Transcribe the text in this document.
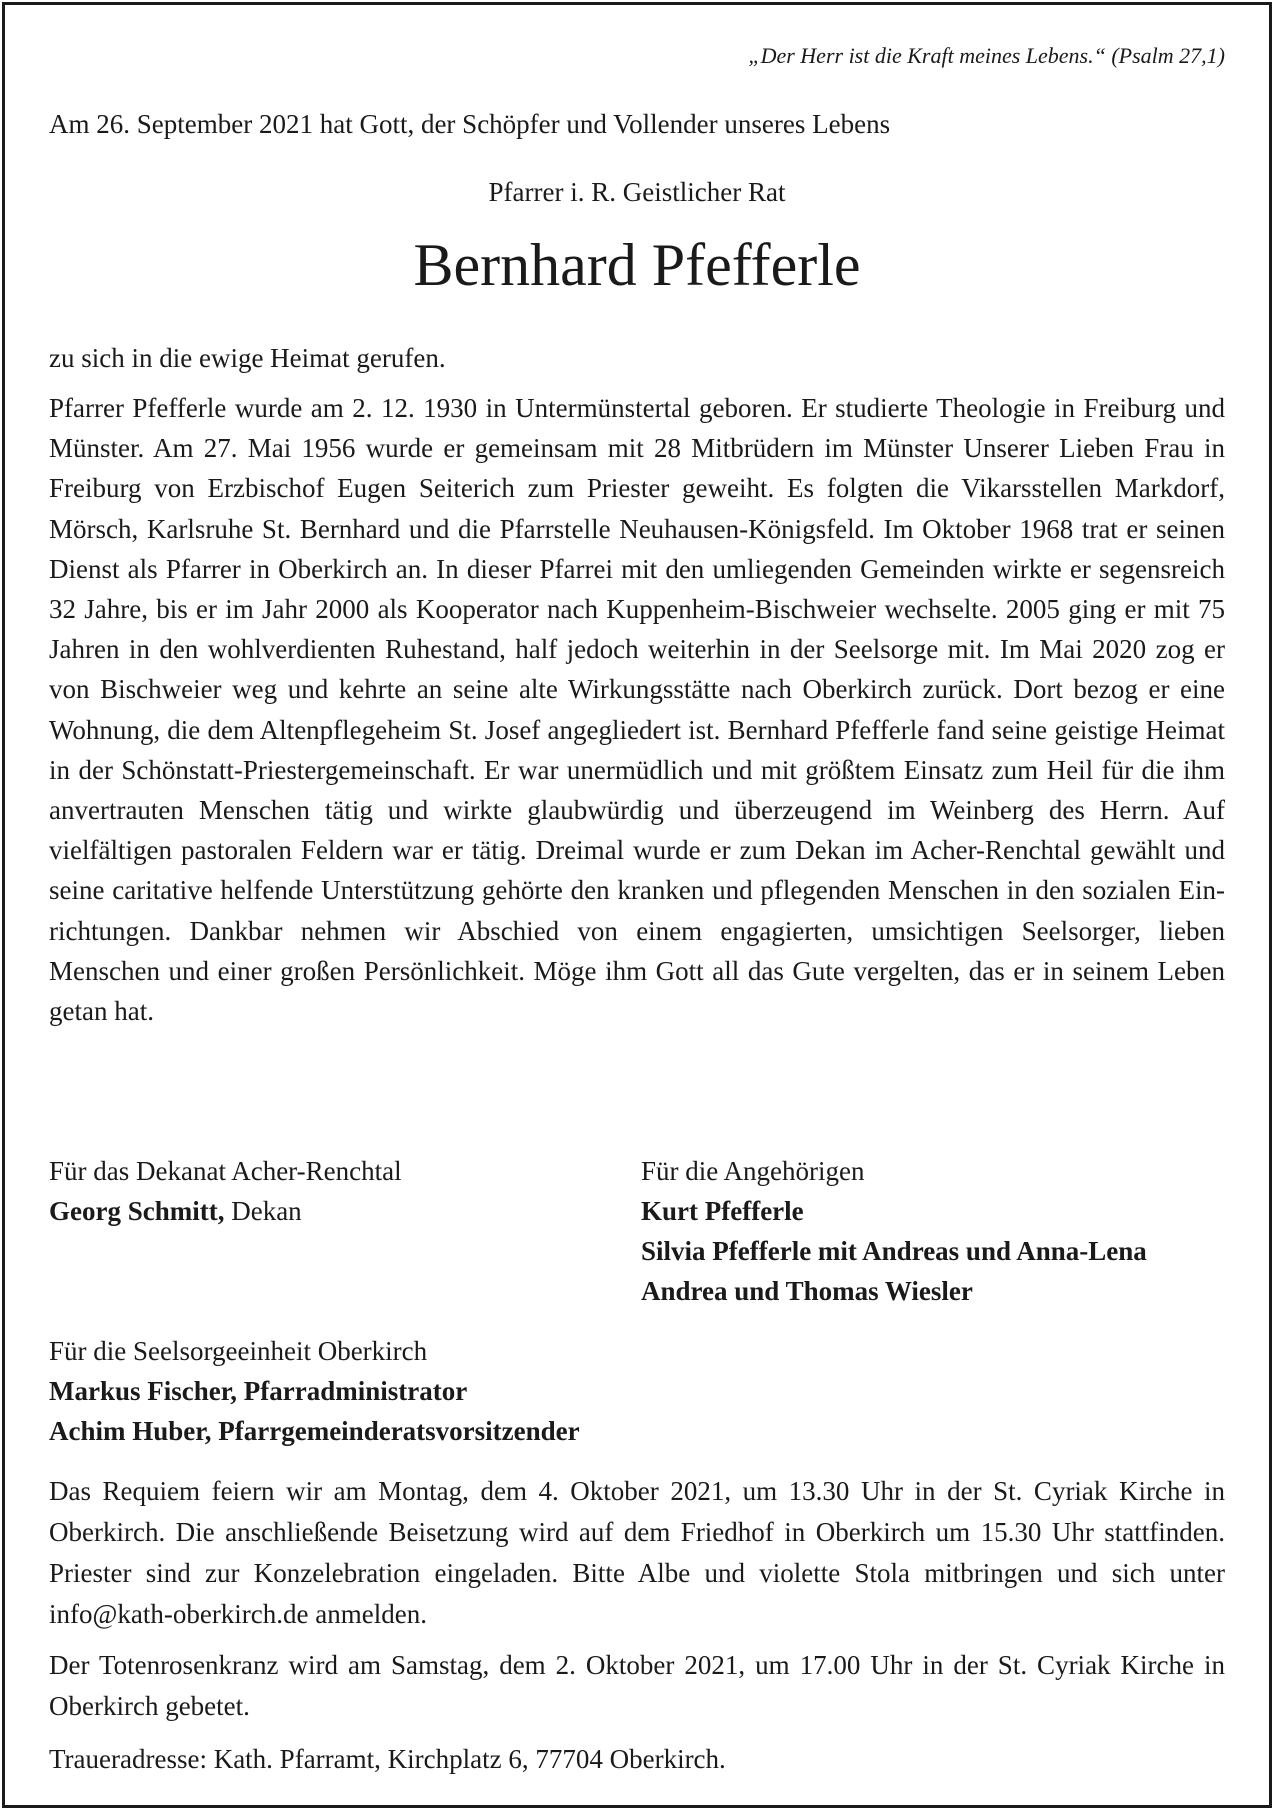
„Der Herr ist die Kraft meines Lebens.“ (Psalm 27,1)
Am 26. September 2021 hat Gott, der Schöpfer und Vollender unseres Lebens
Pfarrer i. R. Geistlicher Rat
Bernhard Pfefferle
zu sich in die ewige Heimat gerufen.
Pfarrer Pfefferle wurde am 2. 12. 1930 in Untermünstertal geboren. Er studierte Theologie in Freiburg und Münster. Am 27. Mai 1956 wurde er gemeinsam mit 28 Mitbrüdern im Münster Unserer Lieben Frau in Freiburg von Erzbischof Eugen Seiterich zum Priester geweiht. Es folgten die Vikarsstellen Markdorf, Mörsch, Karlsruhe St. Bernhard und die Pfarrstelle Neuhausen-Königsfeld. Im Oktober 1968 trat er seinen Dienst als Pfarrer in Oberkirch an. In dieser Pfarrei mit den umliegenden Gemeinden wirkte er segensreich 32 Jahre, bis er im Jahr 2000 als Kooperator nach Kuppenheim-Bischweier wechselte. 2005 ging er mit 75 Jahren in den wohlverdienten Ruhestand, half jedoch weiterhin in der Seelsorge mit. Im Mai 2020 zog er von Bischweier weg und kehrte an seine alte Wirkungsstätte nach Oberkirch zurück. Dort bezog er eine Wohnung, die dem Altenpflegeheim St. Josef angegliedert ist. Bernhard Pfefferle fand seine geistige Heimat in der Schönstatt-Priestergemeinschaft. Er war unermüdlich und mit größtem Einsatz zum Heil für die ihm anvertrauten Menschen tätig und wirkte glaubwürdig und überzeugend im Weinberg des Herrn. Auf vielfältigen pastoralen Feldern war er tätig. Dreimal wurde er zum Dekan im Acher-Renchtal gewählt und seine caritative helfende Unterstützung gehörte den kranken und pflegenden Menschen in den sozialen Einrichtungen. Dankbar nehmen wir Abschied von einem engagierten, umsichtigen Seelsorger, lieben Menschen und einer großen Persönlichkeit. Möge ihm Gott all das Gute vergelten, das er in seinem Leben getan hat.
Für das Dekanat Acher-Renchtal
Georg Schmitt, Dekan
Für die Angehörigen
Kurt Pfefferle
Silvia Pfefferle mit Andreas und Anna-Lena
Andrea und Thomas Wiesler
Für die Seelsorgeeinheit Oberkirch
Markus Fischer, Pfarradministrator
Achim Huber, Pfarrgemeinderatsvorsitzender
Das Requiem feiern wir am Montag, dem 4. Oktober 2021, um 13.30 Uhr in der St. Cyriak Kirche in Oberkirch. Die anschließende Beisetzung wird auf dem Friedhof in Oberkirch um 15.30 Uhr stattfinden. Priester sind zur Konzelebration eingeladen. Bitte Albe und violette Stola mitbringen und sich unter info@kath-oberkirch.de anmelden.
Der Totenrosenkranz wird am Samstag, dem 2. Oktober 2021, um 17.00 Uhr in der St. Cyriak Kirche in Oberkirch gebetet.
Traueradresse: Kath. Pfarramt, Kirchplatz 6, 77704 Oberkirch.
